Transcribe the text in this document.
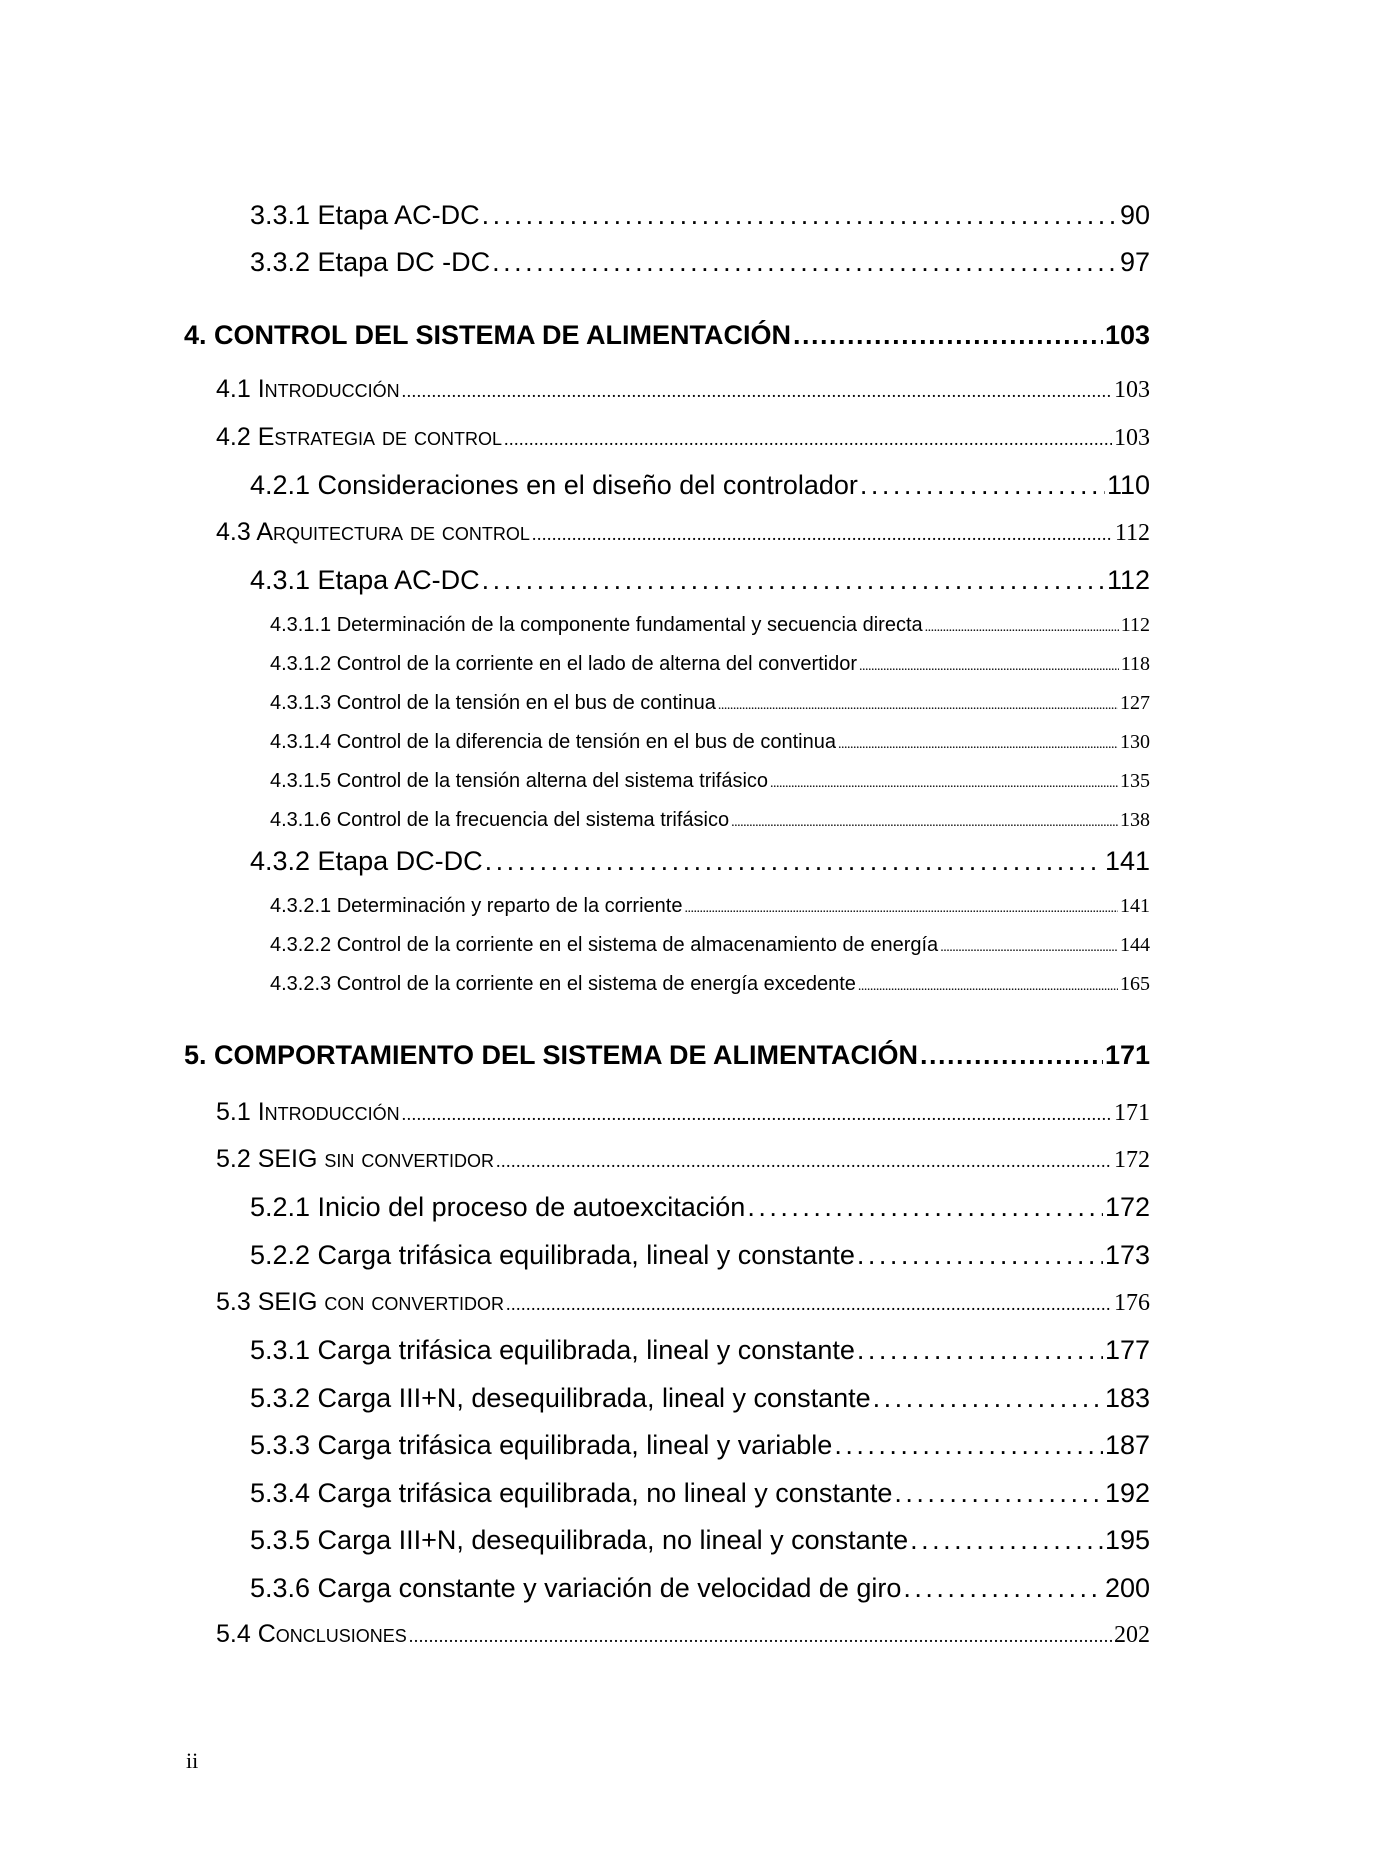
3.3.1 Etapa AC-DC . . .	90
3.3.2 Etapa DC -DC . . .	97
4. CONTROL DEL SISTEMA DE ALIMENTACIÓN . . .	103
4.1 Introducción . . .	103
4.2 Estrategia de control . . .	103
4.2.1 Consideraciones en el diseño del controlador . . .	110
4.3 Arquitectura de control . . .	112
4.3.1 Etapa AC-DC . . .	112
4.3.1.1 Determinación de la componente fundamental y secuencia directa . . .	112
4.3.1.2 Control de la corriente en el lado de alterna del convertidor . . .	118
4.3.1.3 Control de la tensión en el bus de continua . . .	127
4.3.1.4 Control de la diferencia de tensión en el bus de continua . . .	130
4.3.1.5 Control de la tensión alterna del sistema trifásico . . .	135
4.3.1.6 Control de la frecuencia del sistema trifásico . . .	138
4.3.2 Etapa DC-DC . . .	141
4.3.2.1 Determinación y reparto de la corriente . . .	141
4.3.2.2 Control de la corriente en el sistema de almacenamiento de energía . . .	144
4.3.2.3 Control de la corriente en el sistema de energía excedente . . .	165
5. COMPORTAMIENTO DEL SISTEMA DE ALIMENTACIÓN . . .	171
5.1 Introducción . . .	171
5.2 SEIG sin convertidor . . .	172
5.2.1 Inicio del proceso de autoexcitación . . .	172
5.2.2 Carga trifásica equilibrada, lineal y constante . . .	173
5.3 SEIG con convertidor . . .	176
5.3.1 Carga trifásica equilibrada, lineal y constante . . .	177
5.3.2 Carga III+N, desequilibrada, lineal y constante . . .	183
5.3.3 Carga trifásica equilibrada, lineal y variable . . .	187
5.3.4 Carga trifásica equilibrada, no lineal y constante . . .	192
5.3.5 Carga III+N, desequilibrada, no lineal y constante . . .	195
5.3.6 Carga constante y variación de velocidad de giro . . .	200
5.4 Conclusiones . . .	202
ii
